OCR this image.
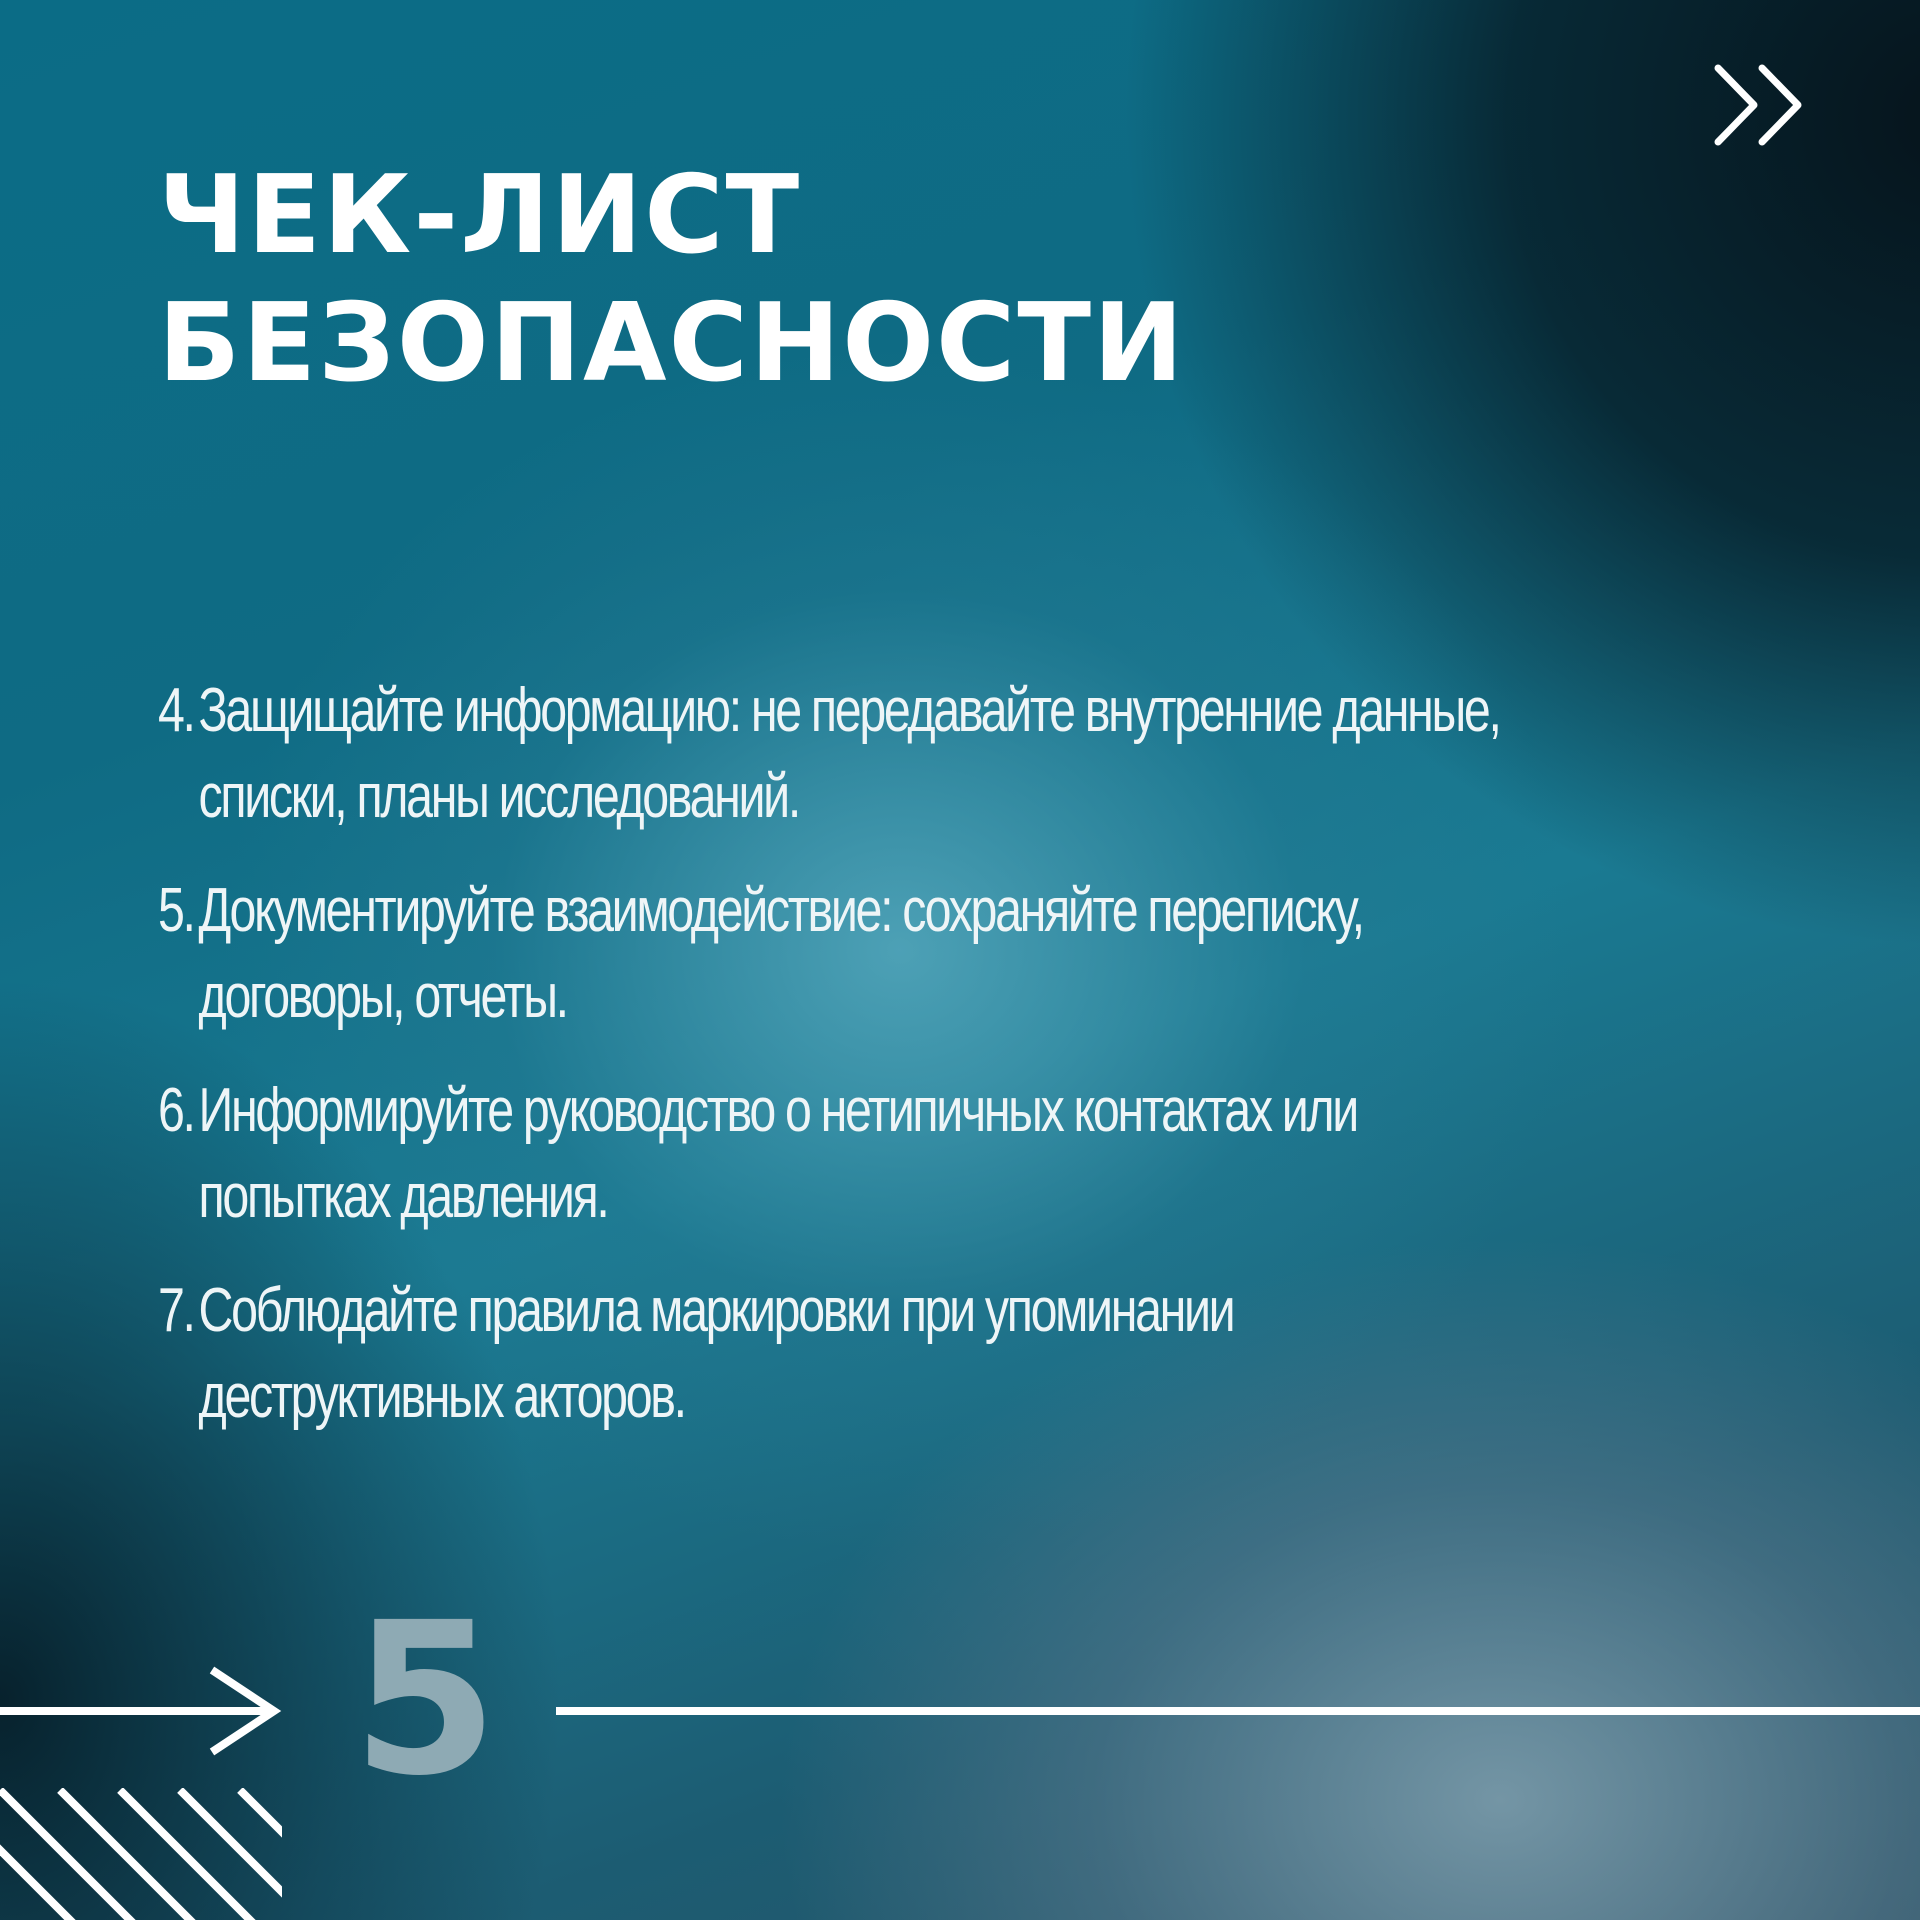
ЧЕК-ЛИСТ
БЕЗОПАСНОСТИ
4. Защищайте информацию: не передавайте внутренние данные,
списки, планы исследований.
5. Документируйте взаимодействие: сохраняйте переписку,
договоры, отчеты.
6. Информируйте руководство о нетипичных контактах или
попытках давления.
7. Соблюдайте правила маркировки при упоминании
деструктивных акторов.
5
